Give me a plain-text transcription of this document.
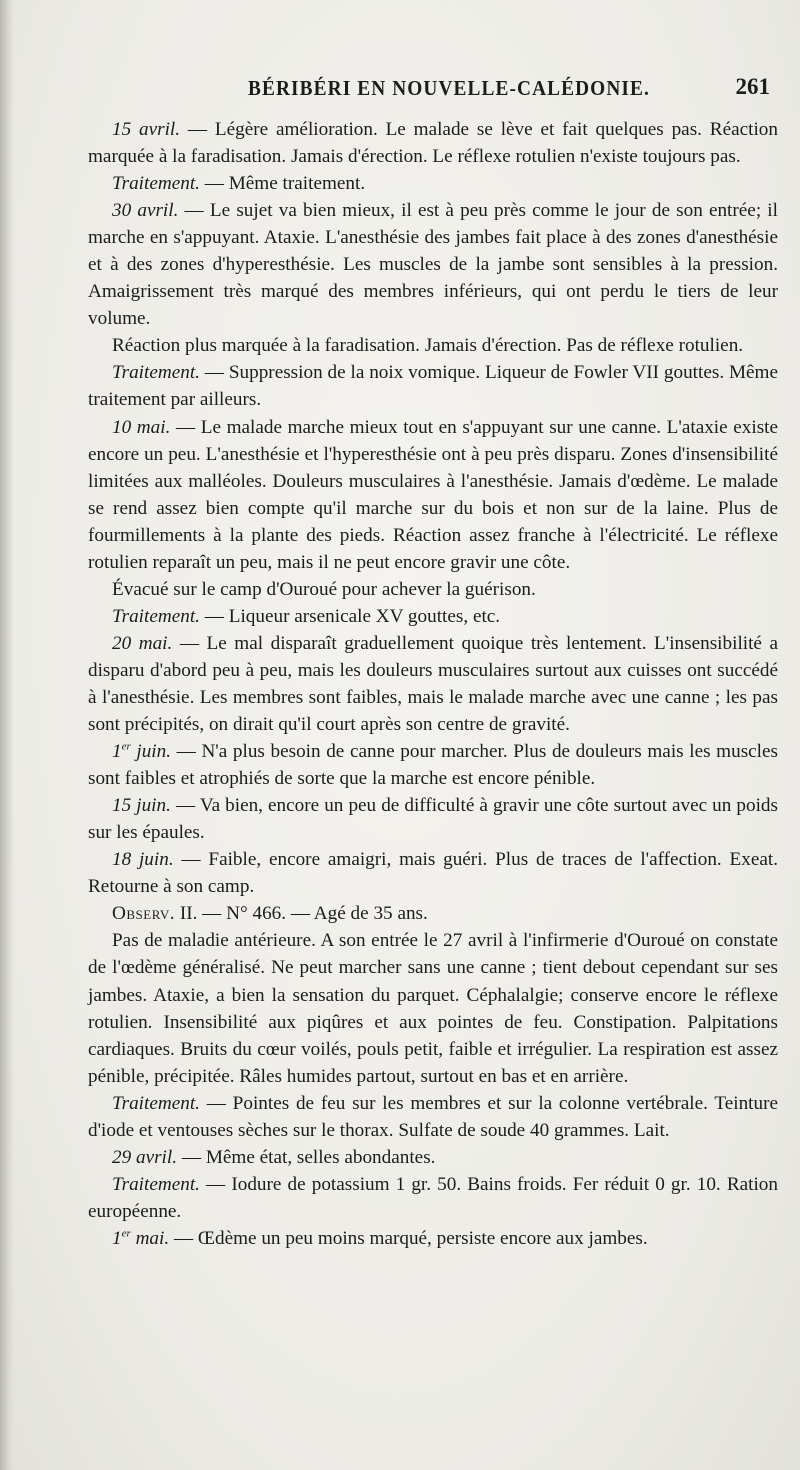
BÉRIBÉRI EN NOUVELLE-CALÉDONIE.	261

15 avril. — Légère amélioration. Le malade se lève et fait quelques pas. Réaction marquée à la faradisation. Jamais d'érection. Le réflexe rotulien n'existe toujours pas.

Traitement. — Même traitement.

30 avril. — Le sujet va bien mieux, il est à peu près comme le jour de son entrée; il marche en s'appuyant. Ataxie. L'anesthésie des jambes fait place à des zones d'anesthésie et à des zones d'hyperesthésie. Les muscles de la jambe sont sensibles à la pression. Amaigrissement très marqué des membres inférieurs, qui ont perdu le tiers de leur volume.

Réaction plus marquée à la faradisation. Jamais d'érection. Pas de réflexe rotulien.

Traitement. — Suppression de la noix vomique. Liqueur de Fowler VII gouttes. Même traitement par ailleurs.

10 mai. — Le malade marche mieux tout en s'appuyant sur une canne. L'ataxie existe encore un peu. L'anesthésie et l'hyperesthésie ont à peu près disparu. Zones d'insensibilité limitées aux malléoles. Douleurs musculaires à l'anesthésie. Jamais d'œdème. Le malade se rend assez bien compte qu'il marche sur du bois et non sur de la laine. Plus de fourmillements à la plante des pieds. Réaction assez franche à l'électricité. Le réflexe rotulien reparaît un peu, mais il ne peut encore gravir une côte.

Évacué sur le camp d'Ouroué pour achever la guérison.

Traitement. — Liqueur arsenicale XV gouttes, etc.

20 mai. — Le mal disparaît graduellement quoique très lentement. L'insensibilité a disparu d'abord peu à peu, mais les douleurs musculaires surtout aux cuisses ont succédé à l'anesthésie. Les membres sont faibles, mais le malade marche avec une canne ; les pas sont précipités, on dirait qu'il court après son centre de gravité.

1er juin. — N'a plus besoin de canne pour marcher. Plus de douleurs mais les muscles sont faibles et atrophiés de sorte que la marche est encore pénible.

15 juin. — Va bien, encore un peu de difficulté à gravir une côte surtout avec un poids sur les épaules.

18 juin. — Faible, encore amaigri, mais guéri. Plus de traces de l'affection. Exeat. Retourne à son camp.

Observ. II. — N° 466. — Agé de 35 ans.

Pas de maladie antérieure. A son entrée le 27 avril à l'infirmerie d'Ouroué on constate de l'œdème généralisé. Ne peut marcher sans une canne ; tient debout cependant sur ses jambes. Ataxie, a bien la sensation du parquet. Céphalalgie; conserve encore le réflexe rotulien. Insensibilité aux piqûres et aux pointes de feu. Constipation. Palpitations cardiaques. Bruits du cœur voilés, pouls petit, faible et irrégulier. La respiration est assez pénible, précipitée. Râles humides partout, surtout en bas et en arrière.

Traitement. — Pointes de feu sur les membres et sur la colonne vertébrale. Teinture d'iode et ventouses sèches sur le thorax. Sulfate de soude 40 grammes. Lait.

29 avril. — Même état, selles abondantes.

Traitement. — Iodure de potassium 1 gr. 50. Bains froids. Fer réduit 0 gr. 10. Ration européenne.

1er mai. — Œdème un peu moins marqué, persiste encore aux jambes.
